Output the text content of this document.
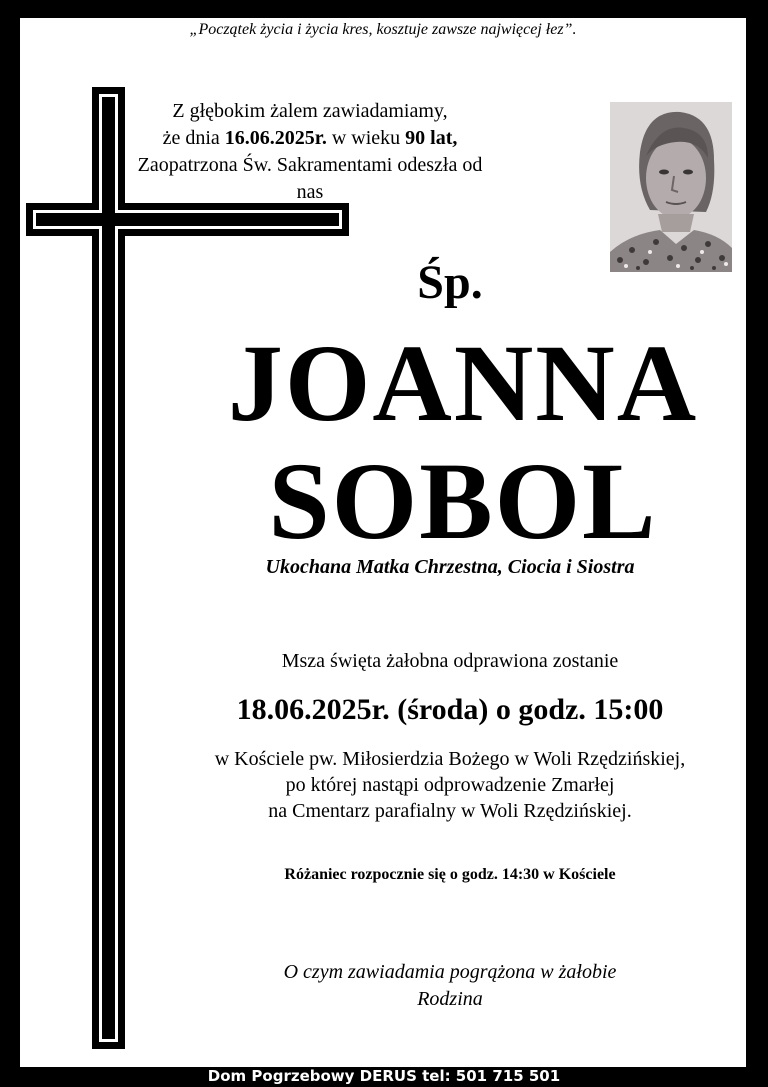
„Początek życia i życia kres, kosztuje zawsze najwięcej łez”.
Z głębokim żalem zawiadamiamy,
że dnia 16.06.2025r. w wieku 90 lat,
Zaopatrzona Św. Sakramentami odeszła od nas
Śp.
JOANNA
SOBOL
Ukochana Matka Chrzestna, Ciocia i Siostra
Msza święta żałobna odprawiona zostanie
18.06.2025r. (środa) o godz. 15:00
w Kościele pw. Miłosierdzia Bożego w Woli Rzędzińskiej,
po której nastąpi odprowadzenie Zmarłej
na Cmentarz parafialny w Woli Rzędzińskiej.
Różaniec rozpocznie się o godz. 14:30 w Kościele
O czym zawiadamia pogrążona w żałobie
Rodzina
Dom Pogrzebowy DERUS tel: 501 715 501
